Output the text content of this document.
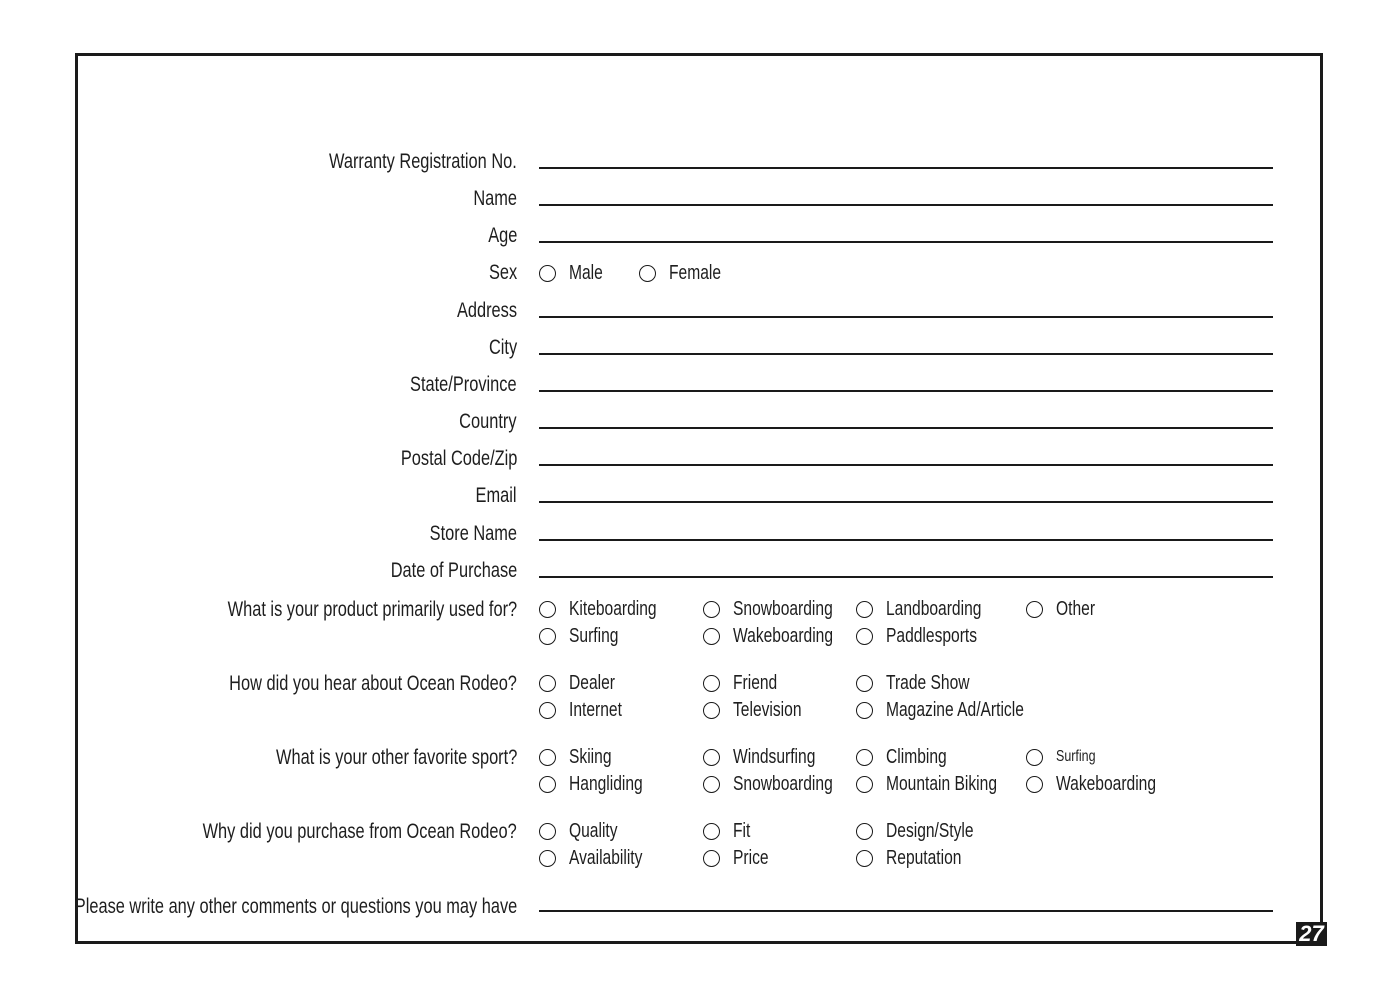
Warranty Registration No.
Name
Age
Address
City
State/Province
Country
Postal Code/Zip
Email
Store Name
Date of Purchase
Sex	Male	Female
What is your product primarily used for?	Kiteboarding	Snowboarding	Landboarding	Other
Surfing	Wakeboarding	Paddlesports
How did you hear about Ocean Rodeo?	Dealer	Friend	Trade Show
Internet	Television	Magazine Ad/Article
What is your other favorite sport?	Skiing	Windsurfing	Climbing	Surfing
Hangliding	Snowboarding	Mountain Biking	Wakeboarding
Why did you purchase from Ocean Rodeo?	Quality	Fit	Design/Style
Availability	Price	Reputation
Please write any other comments or questions you may have
27
